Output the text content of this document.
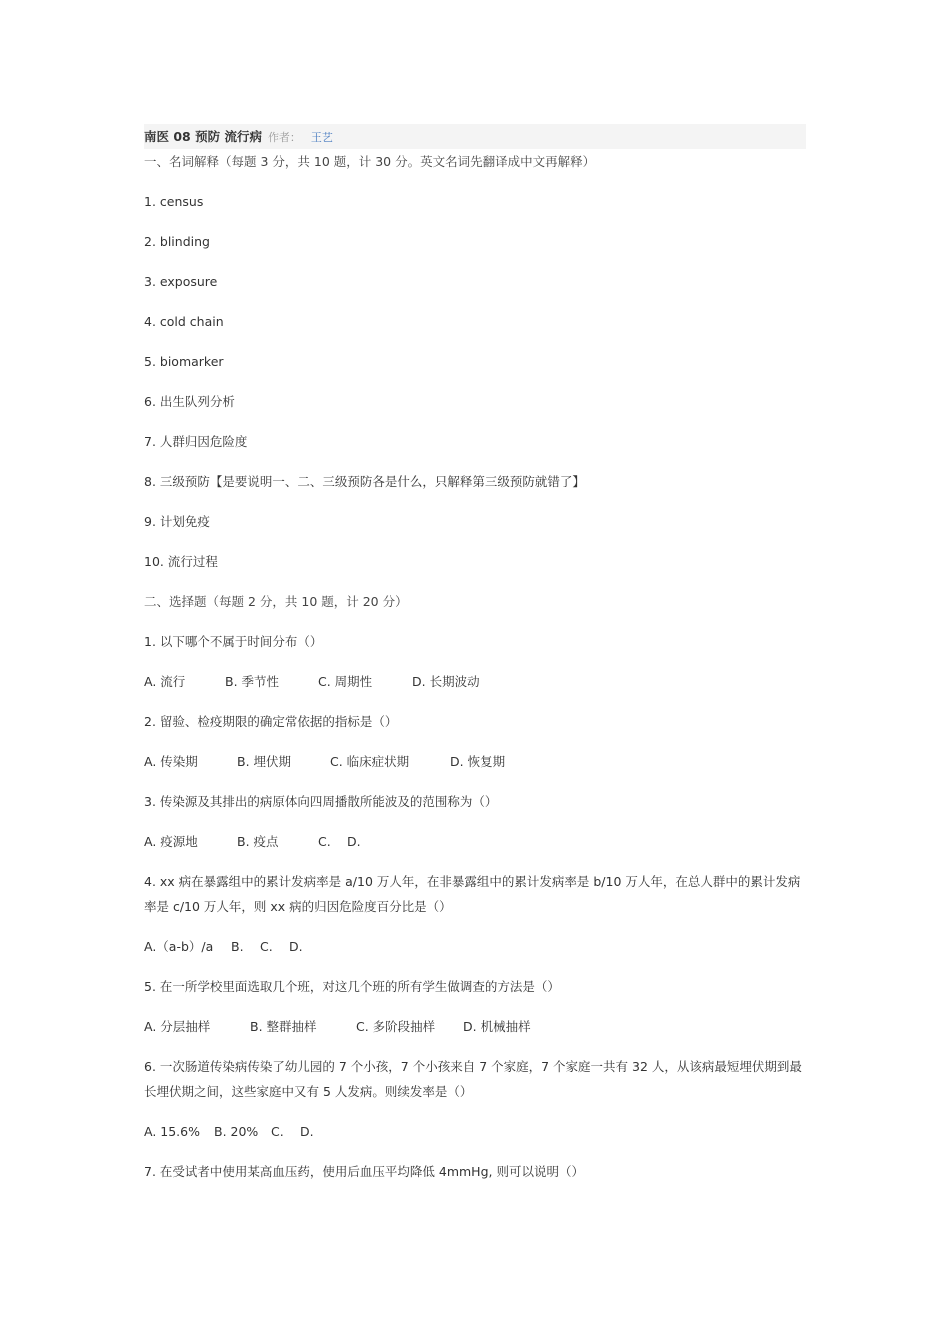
南医 08 预防 流行病 作者： 王艺

一、名词解释（每题 3 分，共 10 题，计 30 分。英文名词先翻译成中文再解释）

1. census

2. blinding

3. exposure

4. cold chain

5. biomarker

6. 出生队列分析

7. 人群归因危险度

8. 三级预防【是要说明一、二、三级预防各是什么，只解释第三级预防就错了】

9. 计划免疫

10. 流行过程

二、选择题（每题 2 分，共 10 题，计 20 分）

1. 以下哪个不属于时间分布（）

A. 流行	B. 季节性	C. 周期性	D. 长期波动

2. 留验、检疫期限的确定常依据的指标是（）

A. 传染期	B. 埋伏期	C. 临床症状期	D. 恢复期

3. 传染源及其排出的病原体向四周播散所能波及的范围称为（）

A. 疫源地	B. 疫点	C. D.

4. xx 病在暴露组中的累计发病率是 a/10 万人年，在非暴露组中的累计发病率是 b/10 万人年，在总人群中的累计发病率是 c/10 万人年，则 xx 病的归因危险度百分比是（）

A.（a-b）/a B. C. D.

5. 在一所学校里面选取几个班，对这几个班的所有学生做调查的方法是（）

A. 分层抽样	B. 整群抽样	C. 多阶段抽样 D. 机械抽样

6. 一次肠道传染病传染了幼儿园的 7 个小孩，7 个小孩来自 7 个家庭，7 个家庭一共有 32 人，从该病最短埋伏期到最长埋伏期之间，这些家庭中又有 5 人发病。则续发率是（）

A. 15.6% B. 20% C. D.

7. 在受试者中使用某高血压药，使用后血压平均降低 4mmHg, 则可以说明（）
